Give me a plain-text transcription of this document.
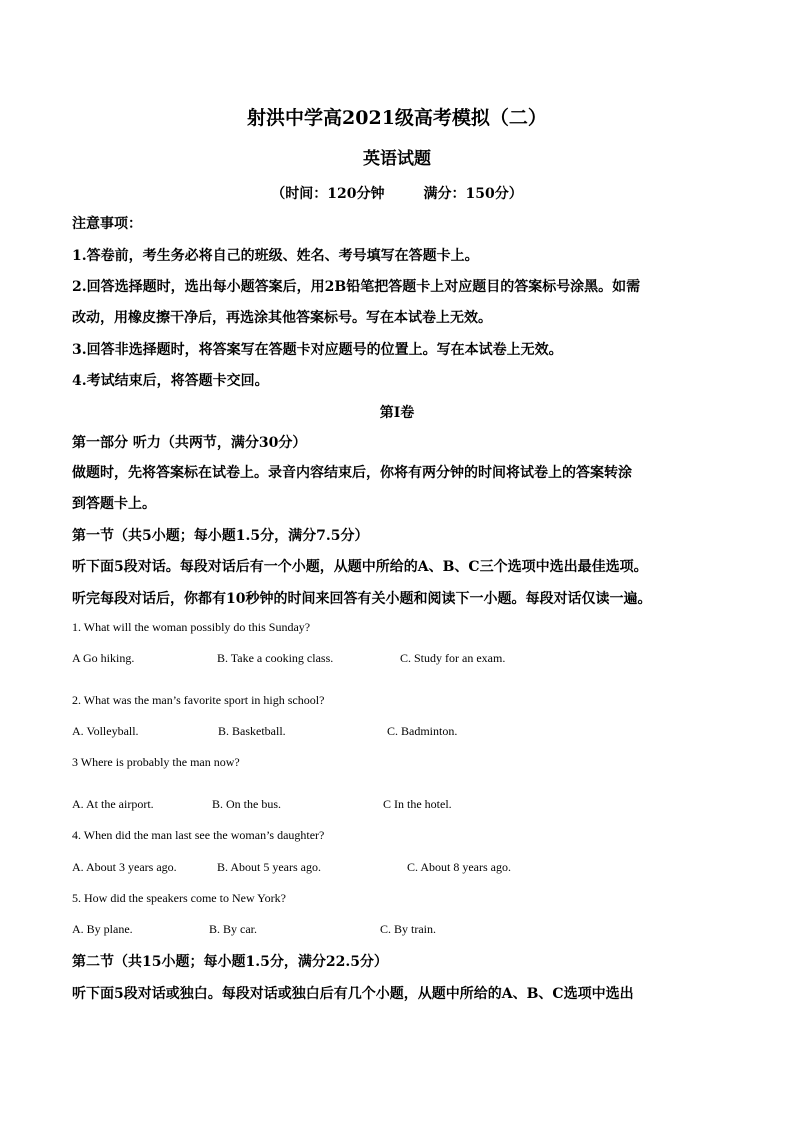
射洪中学高2021级高考模拟（二）
英语试题
（时间：120分钟        满分：150分）
注意事项：
1.答卷前，考生务必将自己的班级、姓名、考号填写在答题卡上。
2.回答选择题时，选出每小题答案后，用2B铅笔把答题卡上对应题目的答案标号涂黑。如需
改动，用橡皮擦干净后，再选涂其他答案标号。写在本试卷上无效。
3.回答非选择题时，将答案写在答题卡对应题号的位置上。写在本试卷上无效。
4.考试结束后，将答题卡交回。
第I卷
第一部分 听力（共两节，满分30分）
做题时，先将答案标在试卷上。录音内容结束后，你将有两分钟的时间将试卷上的答案转涂
到答题卡上。
第一节（共5小题；每小题1.5分，满分7.5分）
听下面5段对话。每段对话后有一个小题，从题中所给的A、B、C三个选项中选出最佳选项。
听完每段对话后，你都有10秒钟的时间来回答有关小题和阅读下一小题。每段对话仅读一遍。
1. What will the woman possibly do this Sunday?
A Go hiking.	B. Take a cooking class.	C. Study for an exam.
2. What was the man’s favorite sport in high school?
A. Volleyball.	B. Basketball.	C. Badminton.
3 Where is probably the man now?
A. At the airport.	B. On the bus.	C In the hotel.
4. When did the man last see the woman’s daughter?
A. About 3 years ago.	B. About 5 years ago.	C. About 8 years ago.
5. How did the speakers come to New York?
A. By plane.	B. By car.	C. By train.
第二节（共15小题；每小题1.5分，满分22.5分）
听下面5段对话或独白。每段对话或独白后有几个小题，从题中所给的A、B、C选项中选出
